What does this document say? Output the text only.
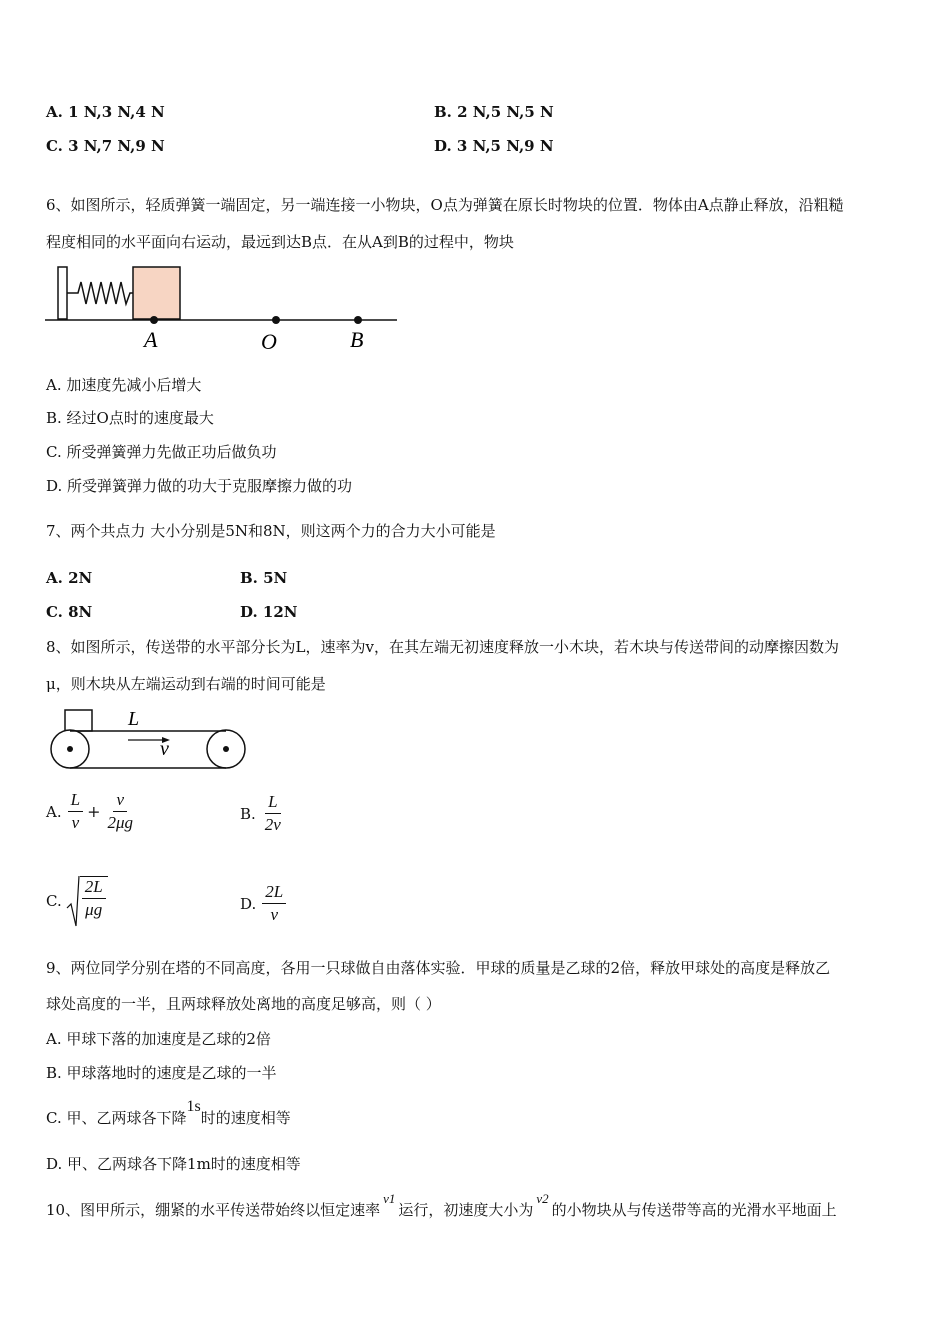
A. 1 N,3 N,4 N	B. 2 N,5 N,5 N
C. 3 N,7 N,9 N	D. 3 N,5 N,9 N
6、如图所示，轻质弹簧一端固定，另一端连接一小物块，O点为弹簧在原长时物块的位置．物体由A点静止释放，沿粗糙
程度相同的水平面向右运动，最远到达B点．在从A到B的过程中，物块
A	O	B
A. 加速度先减小后增大
B. 经过O点时的速度最大
C. 所受弹簧弹力先做正功后做负功
D. 所受弹簧弹力做的功大于克服摩擦力做的功
7、两个共点力 大小分别是5N和8N，则这两个力的合力大小可能是
A. 2N	B. 5N
C. 8N	D. 12N
8、如图所示，传送带的水平部分长为L，速率为v，在其左端无初速度释放一小木块，若木块与传送带间的动摩擦因数为
μ，则木块从左端运动到右端的时间可能是
L
v
A. $\frac{L}{v} + \frac{v}{2\mu g}$	B. $\frac{L}{2v}$
C. $\frac{2L}{\mu g}$	D. $\frac{2L}{v}$
9、两位同学分别在塔的不同高度，各用一只球做自由落体实验．甲球的质量是乙球的2倍，释放甲球处的高度是释放乙
球处高度的一半，且两球释放处离地的高度足够高，则（ ）
A. 甲球下落的加速度是乙球的2倍
B. 甲球落地时的速度是乙球的一半
C. 甲、乙两球各下降1s时的速度相等
D. 甲、乙两球各下降1m时的速度相等
10、图甲所示，绷紧的水平传送带始终以恒定速率v1运行，初速度大小为v2的小物块从与传送带等高的光滑水平地面上
